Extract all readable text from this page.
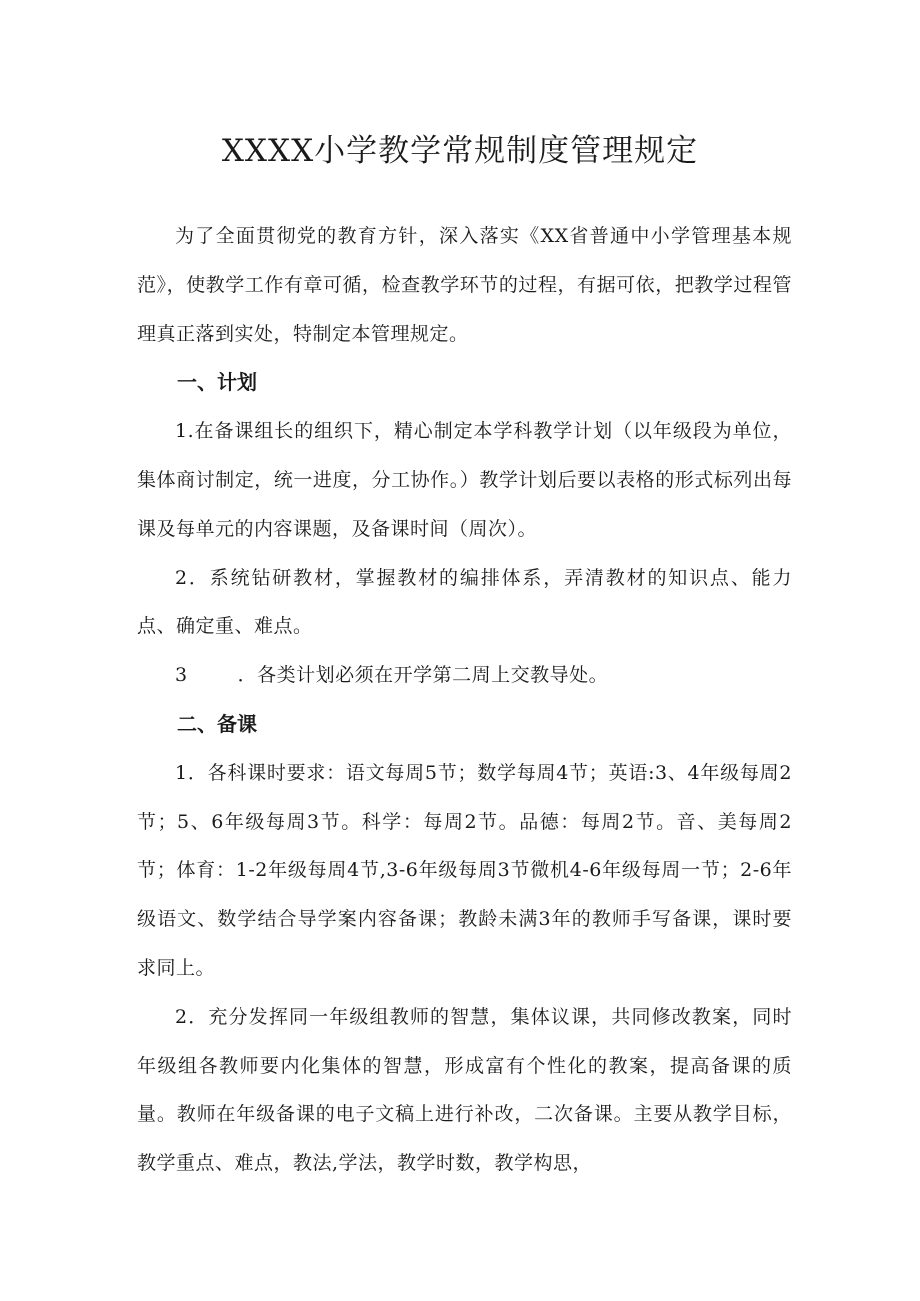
XXXX小学教学常规制度管理规定

为了全面贯彻党的教育方针，深入落实《XX省普通中小学管理基本规范》，使教学工作有章可循，检查教学环节的过程，有据可依，把教学过程管理真正落到实处，特制定本管理规定。

一、计划

1.在备课组长的组织下，精心制定本学科教学计划（以年级段为单位，集体商讨制定，统一进度，分工协作。）教学计划后要以表格的形式标列出每课及每单元的内容课题，及备课时间（周次）。

2．系统钻研教材，掌握教材的编排体系，弄清教材的知识点、能力点、确定重、难点。

3	．各类计划必须在开学第二周上交教导处。

二、备课

1．各科课时要求：语文每周5节；数学每周4节；英语:3、4年级每周2节；5、6年级每周3节。科学：每周2节。品德：每周2节。音、美每周2节；体育：1-2年级每周4节,3-6年级每周3节微机4-6年级每周一节；2-6年级语文、数学结合导学案内容备课；教龄未满3年的教师手写备课，课时要求同上。

2．充分发挥同一年级组教师的智慧，集体议课，共同修改教案，同时年级组各教师要内化集体的智慧，形成富有个性化的教案，提高备课的质量。教师在年级备课的电子文稿上进行补改，二次备课。主要从教学目标，教学重点、难点，教法,学法，教学时数，教学构思，
